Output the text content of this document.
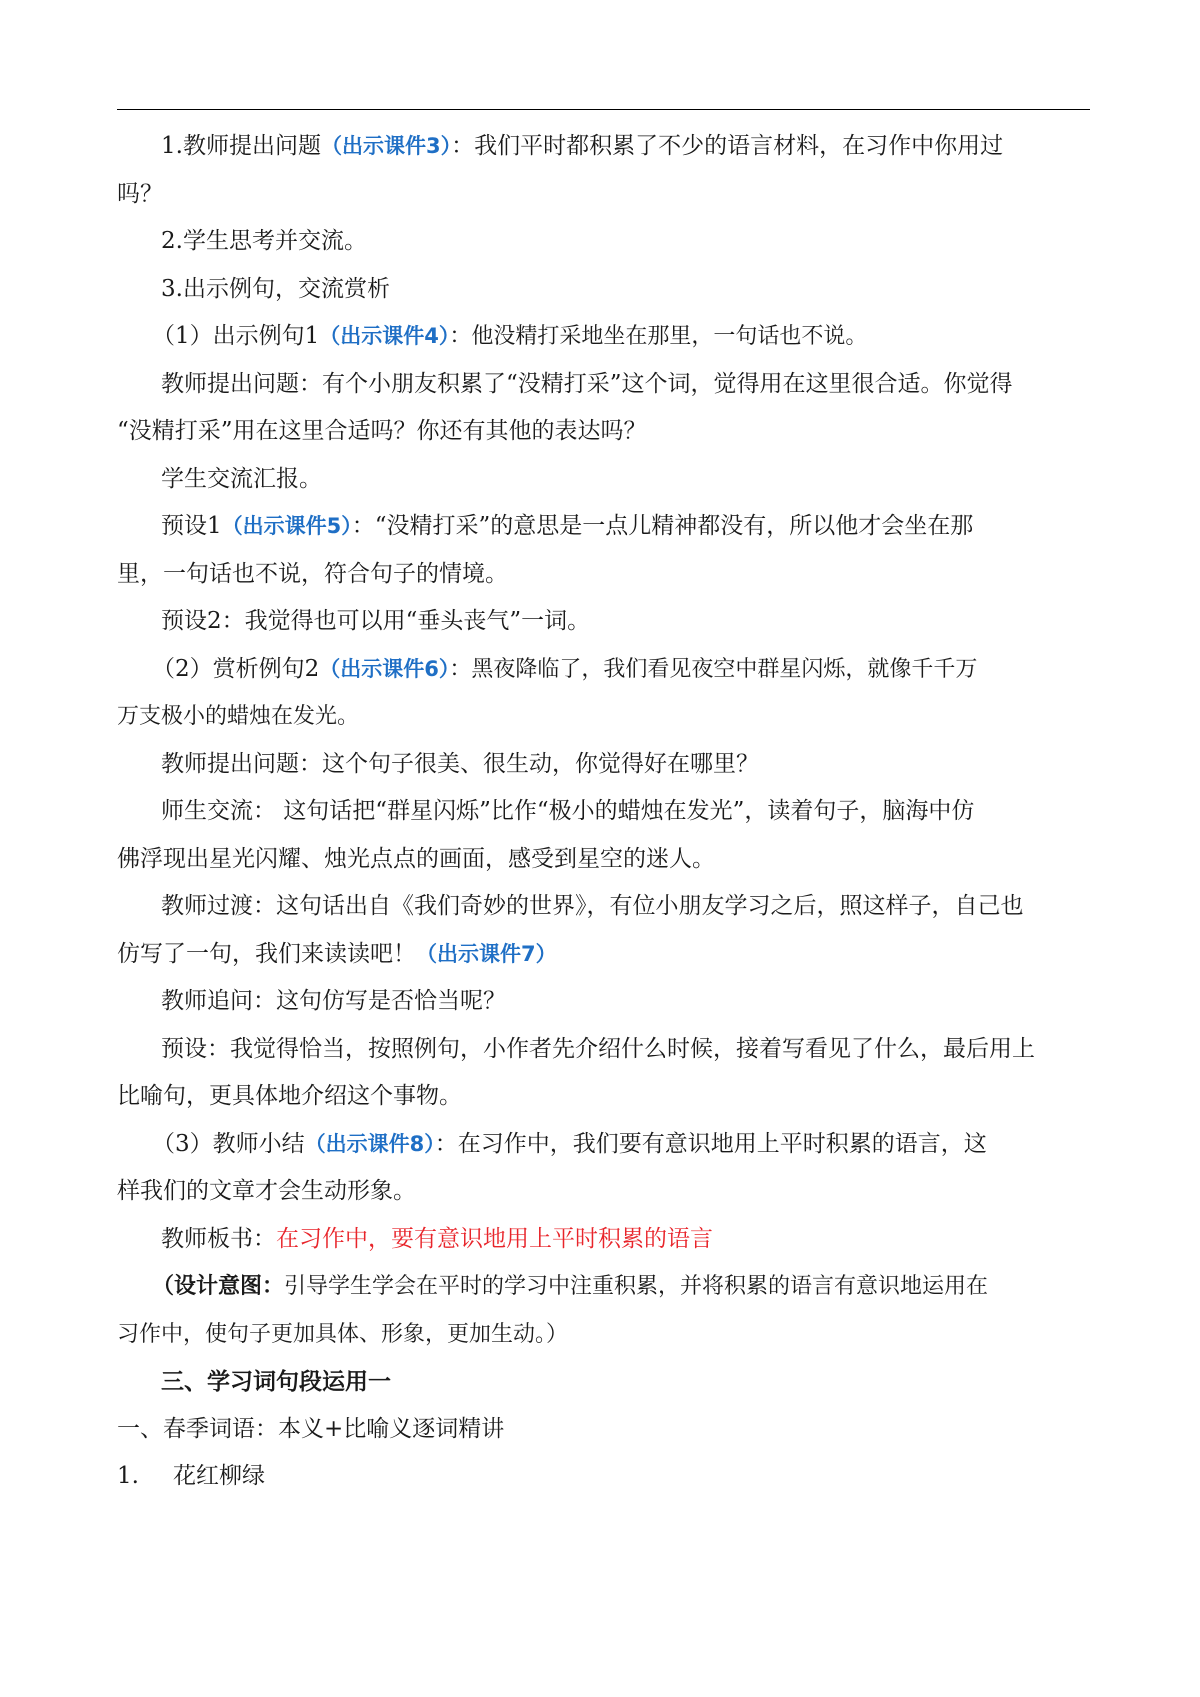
1.教师提出问题（出示课件3）：我们平时都积累了不少的语言材料，在习作中你用过
吗？
2.学生思考并交流。
3.出示例句，交流赏析
（1）出示例句1（出示课件4）：他没精打采地坐在那里，一句话也不说。
教师提出问题：有个小朋友积累了“没精打采”这个词，觉得用在这里很合适。你觉得
“没精打采”用在这里合适吗？你还有其他的表达吗？
学生交流汇报。
预设1（出示课件5）：“没精打采”的意思是一点儿精神都没有，所以他才会坐在那
里，一句话也不说，符合句子的情境。
预设2：我觉得也可以用“垂头丧气”一词。
（2）赏析例句2（出示课件6）：黑夜降临了，我们看见夜空中群星闪烁，就像千千万
万支极小的蜡烛在发光。
教师提出问题：这个句子很美、很生动，你觉得好在哪里？
师生交流： 这句话把“群星闪烁”比作“极小的蜡烛在发光”，读着句子，脑海中仿
佛浮现出星光闪耀、烛光点点的画面，感受到星空的迷人。
教师过渡：这句话出自《我们奇妙的世界》，有位小朋友学习之后，照这样子，自己也
仿写了一句，我们来读读吧！（出示课件7）
教师追问：这句仿写是否恰当呢？
预设：我觉得恰当，按照例句，小作者先介绍什么时候，接着写看见了什么，最后用上
比喻句，更具体地介绍这个事物。
（3）教师小结（出示课件8）：在习作中，我们要有意识地用上平时积累的语言，这
样我们的文章才会生动形象。
教师板书：在习作中，要有意识地用上平时积累的语言
（设计意图：引导学生学会在平时的学习中注重积累，并将积累的语言有意识地运用在
习作中，使句子更加具体、形象，更加生动。）
三、学习词句段运用一
一、春季词语：本义+比喻义逐词精讲
1. 花红柳绿
